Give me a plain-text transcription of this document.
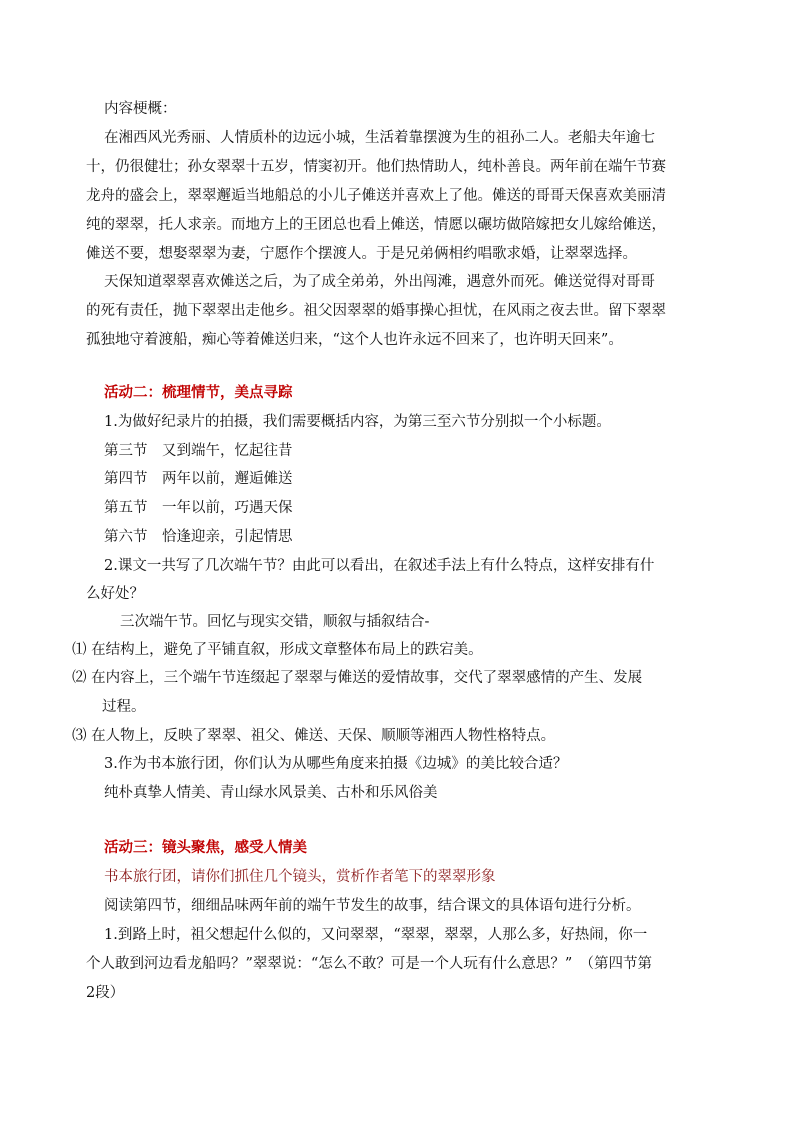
内容梗概：
在湘西风光秀丽、人情质朴的边远小城，生活着靠摆渡为生的祖孙二人。老船夫年逾七
十，仍很健壮；孙女翠翠十五岁，情窦初开。他们热情助人，纯朴善良。两年前在端午节赛
龙舟的盛会上，翠翠邂逅当地船总的小儿子傩送并喜欢上了他。傩送的哥哥天保喜欢美丽清
纯的翠翠，托人求亲。而地方上的王团总也看上傩送，情愿以碾坊做陪嫁把女儿嫁给傩送，
傩送不要，想娶翠翠为妻，宁愿作个摆渡人。于是兄弟俩相约唱歌求婚，让翠翠选择。
天保知道翠翠喜欢傩送之后，为了成全弟弟，外出闯滩，遇意外而死。傩送觉得对哥哥
的死有责任，抛下翠翠出走他乡。祖父因翠翠的婚事操心担忧，在风雨之夜去世。留下翠翠
孤独地守着渡船，痴心等着傩送归来，“这个人也许永远不回来了，也许明天回来”。
活动二：梳理情节，美点寻踪
1.为做好纪录片的拍摄，我们需要概括内容，为第三至六节分别拟一个小标题。
第三节　又到端午，忆起往昔
第四节　两年以前，邂逅傩送
第五节　一年以前，巧遇天保
第六节　恰逢迎亲，引起情思
2.课文一共写了几次端午节？由此可以看出，在叙述手法上有什么特点，这样安排有什
么好处？
三次端午节。回忆与现实交错，顺叙与插叙结合-
⑴ 在结构上，避免了平铺直叙，形成文章整体布局上的跌宕美。
⑵ 在内容上，三个端午节连缀起了翠翠与傩送的爱情故事，交代了翠翠感情的产生、发展
过程。
⑶ 在人物上，反映了翠翠、祖父、傩送、天保、顺顺等湘西人物性格特点。
3.作为书本旅行团，你们认为从哪些角度来拍摄《边城》的美比较合适？
纯朴真挚人情美、青山绿水风景美、古朴和乐风俗美
活动三：镜头聚焦，感受人情美
书本旅行团，请你们抓住几个镜头，赏析作者笔下的翠翠形象
阅读第四节，细细品味两年前的端午节发生的故事，结合课文的具体语句进行分析。
1.到路上时，祖父想起什么似的，又问翠翠，“翠翠，翠翠，人那么多，好热闹，你一
个人敢到河边看龙船吗？”翠翠说：“怎么不敢？可是一个人玩有什么意思？”　（第四节第
2段）
